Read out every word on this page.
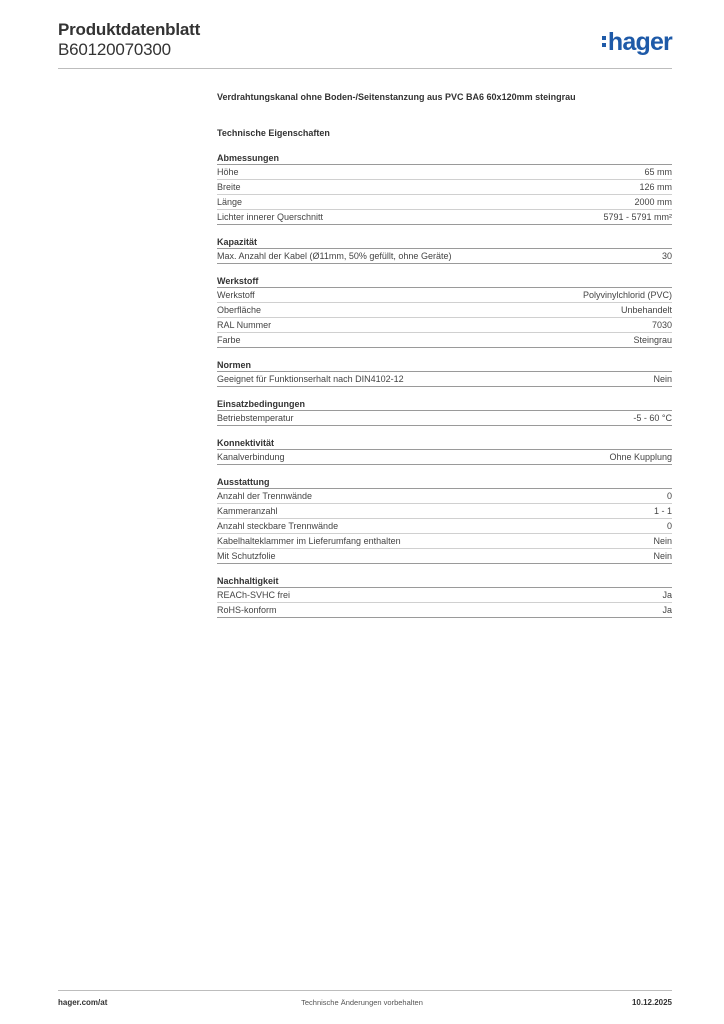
Produktdatenblatt
B60120070300	hager
Verdrahtungskanal ohne Boden-/Seitenstanzung aus PVC BA6 60x120mm steingrau
Technische Eigenschaften
Abmessungen
Höhe	65 mm
Breite	126 mm
Länge	2000 mm
Lichter innerer Querschnitt	5791 - 5791 mm²
Kapazität
Max. Anzahl der Kabel (Ø11mm, 50% gefüllt, ohne Geräte)	30
Werkstoff
Werkstoff	Polyvinylchlorid (PVC)
Oberfläche	Unbehandelt
RAL Nummer	7030
Farbe	Steingrau
Normen
Geeignet für Funktionserhalt nach DIN4102-12	Nein
Einsatzbedingungen
Betriebstemperatur	-5 - 60 °C
Konnektivität
Kanalverbindung	Ohne Kupplung
Ausstattung
Anzahl der Trennwände	0
Kammeranzahl	1 - 1
Anzahl steckbare Trennwände	0
Kabelhalteklammer im Lieferumfang enthalten	Nein
Mit Schutzfolie	Nein
Nachhaltigkeit
REACh-SVHC frei	Ja
RoHS-konform	Ja
hager.com/at	Technische Änderungen vorbehalten	10.12.2025
